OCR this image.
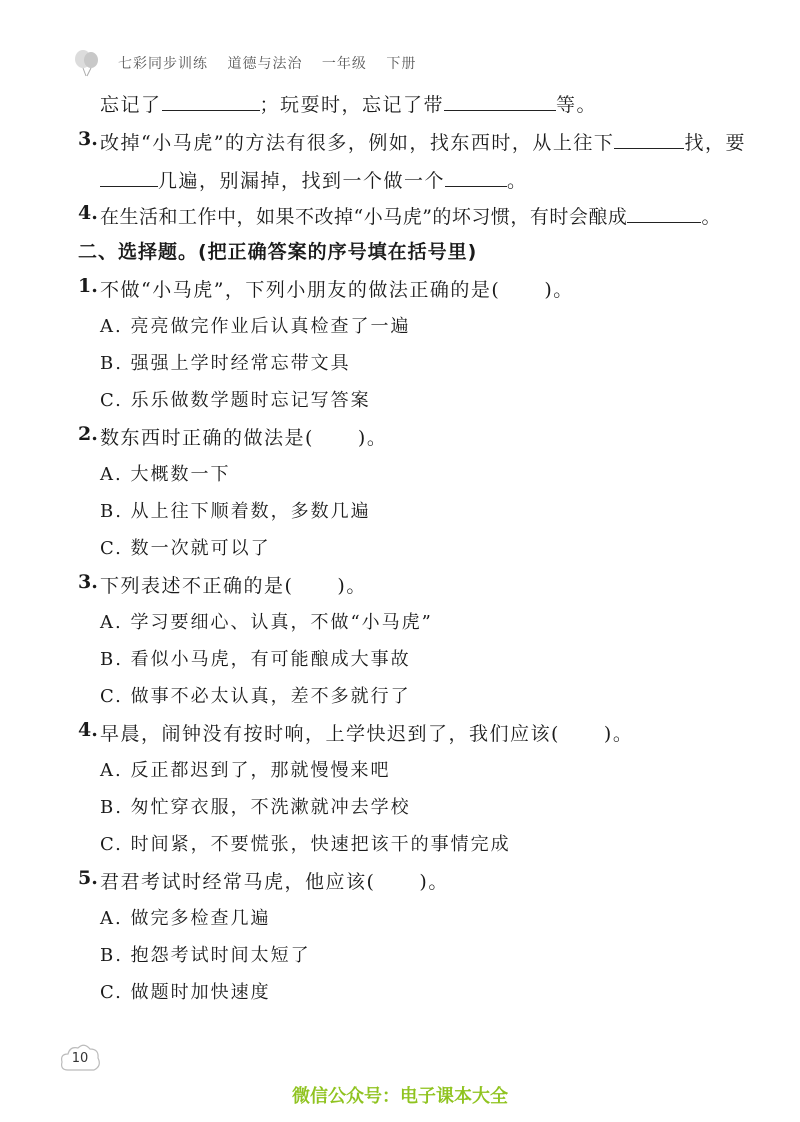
七彩同步训练 道德与法治 一年级 下册
忘记了	；玩耍时，忘记了带	等。
3. 改掉“小马虎”的方法有很多，例如，找东西时，从上往下	找，要
几遍，别漏掉，找到一个做一个	。
4. 在生活和工作中，如果不改掉“小马虎”的坏习惯，有时会酿成	。
二、选择题。(把正确答案的序号填在括号里)
1. 不做“小马虎”，下列小朋友的做法正确的是( )。
A. 亮亮做完作业后认真检查了一遍
B. 强强上学时经常忘带文具
C. 乐乐做数学题时忘记写答案
2. 数东西时正确的做法是( )。
A. 大概数一下
B. 从上往下顺着数，多数几遍
C. 数一次就可以了
3. 下列表述不正确的是( )。
A. 学习要细心、认真，不做“小马虎”
B. 看似小马虎，有可能酿成大事故
C. 做事不必太认真，差不多就行了
4. 早晨，闹钟没有按时响，上学快迟到了，我们应该( )。
A. 反正都迟到了，那就慢慢来吧
B. 匆忙穿衣服，不洗漱就冲去学校
C. 时间紧，不要慌张，快速把该干的事情完成
5. 君君考试时经常马虎，他应该( )。
A. 做完多检查几遍
B. 抱怨考试时间太短了
C. 做题时加快速度
10
微信公众号：电子课本大全
